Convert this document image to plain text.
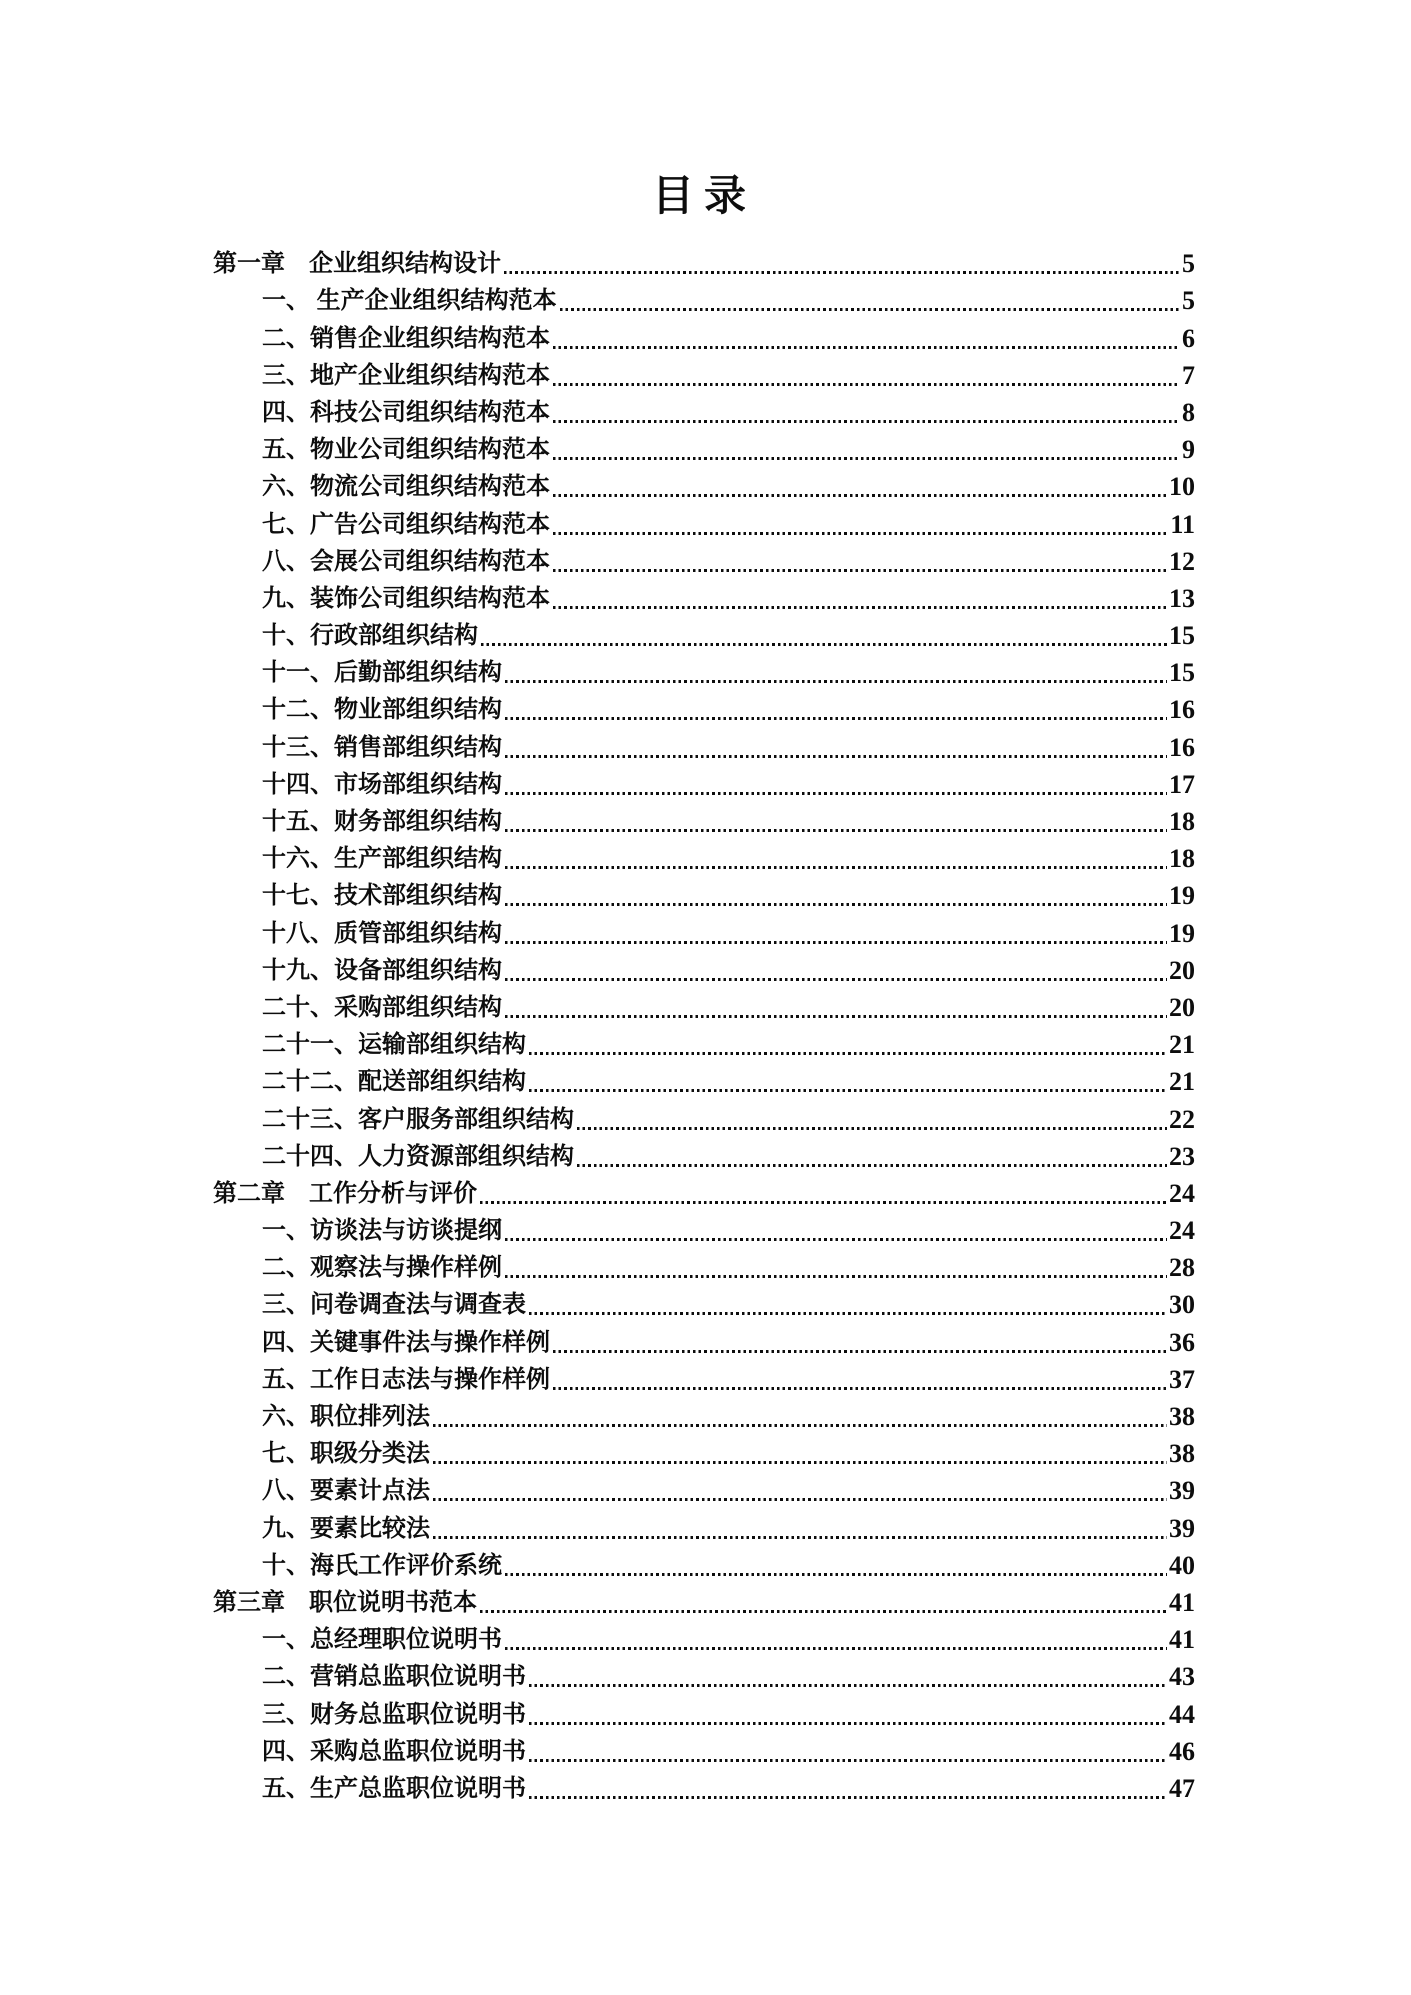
目录
第一章　企业组织结构设计	5
一、 生产企业组织结构范本	5
二、销售企业组织结构范本	6
三、地产企业组织结构范本	7
四、科技公司组织结构范本	8
五、物业公司组织结构范本	9
六、物流公司组织结构范本	10
七、广告公司组织结构范本	11
八、会展公司组织结构范本	12
九、装饰公司组织结构范本	13
十、行政部组织结构	15
十一、后勤部组织结构	15
十二、物业部组织结构	16
十三、销售部组织结构	16
十四、市场部组织结构	17
十五、财务部组织结构	18
十六、生产部组织结构	18
十七、技术部组织结构	19
十八、质管部组织结构	19
十九、设备部组织结构	20
二十、采购部组织结构	20
二十一、运输部组织结构	21
二十二、配送部组织结构	21
二十三、客户服务部组织结构	22
二十四、人力资源部组织结构	23
第二章　工作分析与评价	24
一、访谈法与访谈提纲	24
二、观察法与操作样例	28
三、问卷调查法与调查表	30
四、关键事件法与操作样例	36
五、工作日志法与操作样例	37
六、职位排列法	38
七、职级分类法	38
八、要素计点法	39
九、要素比较法	39
十、海氏工作评价系统	40
第三章　职位说明书范本	41
一、总经理职位说明书	41
二、营销总监职位说明书	43
三、财务总监职位说明书	44
四、采购总监职位说明书	46
五、生产总监职位说明书	47
